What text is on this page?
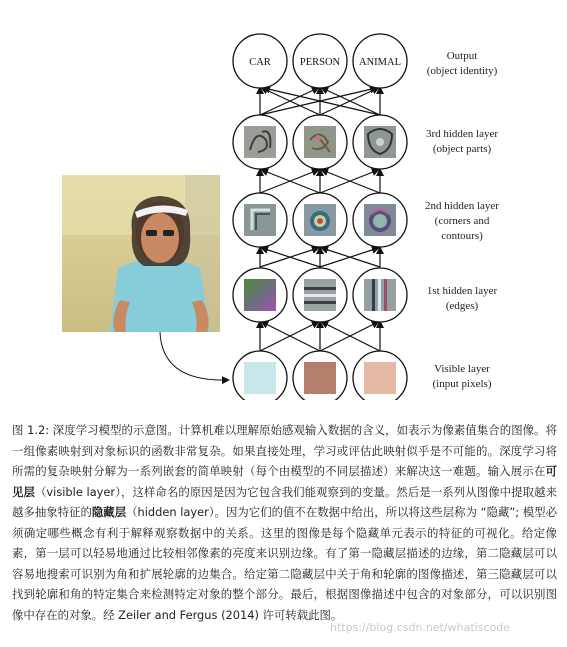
CAR	PERSON ANIMAL
Output
(object identity)
3rd hidden layer
(object parts)
2nd hidden layer
(corners and
contours)
1st hidden layer
(edges)
Visible layer
(input pixels)
图 1.2: 深度学习模型的示意图。计算机难以理解原始感观输入数据的含义，如表示为像素值集合的图像。将一组像素映射到对象标识的函数非常复杂。如果直接处理，学习或评估此映射似乎是不可能的。深度学习将所需的复杂映射分解为一系列嵌套的简单映射（每个由模型的不同层描述）来解决这一难题。输入展示在可见层（visible layer），这样命名的原因是因为它包含我们能观察到的变量。然后是一系列从图像中提取越来越多抽象特征的隐藏层（hidden layer）。因为它们的值不在数据中给出，所以将这些层称为 “隐藏”; 模型必须确定哪些概念有利于解释观察数据中的关系。这里的图像是每个隐藏单元表示的特征的可视化。给定像素，第一层可以轻易地通过比较相邻像素的亮度来识别边缘。有了第一隐藏层描述的边缘，第二隐藏层可以容易地搜索可识别为角和扩展轮廓的边集合。给定第二隐藏层中关于角和轮廓的图像描述，第三隐藏层可以找到轮廓和角的特定集合来检测特定对象的整个部分。最后，根据图像描述中包含的对象部分，可以识别图像中存在的对象。经 Zeiler and Fergus (2014) 许可转载此图。
https://blog.csdn.net/whatiscode
